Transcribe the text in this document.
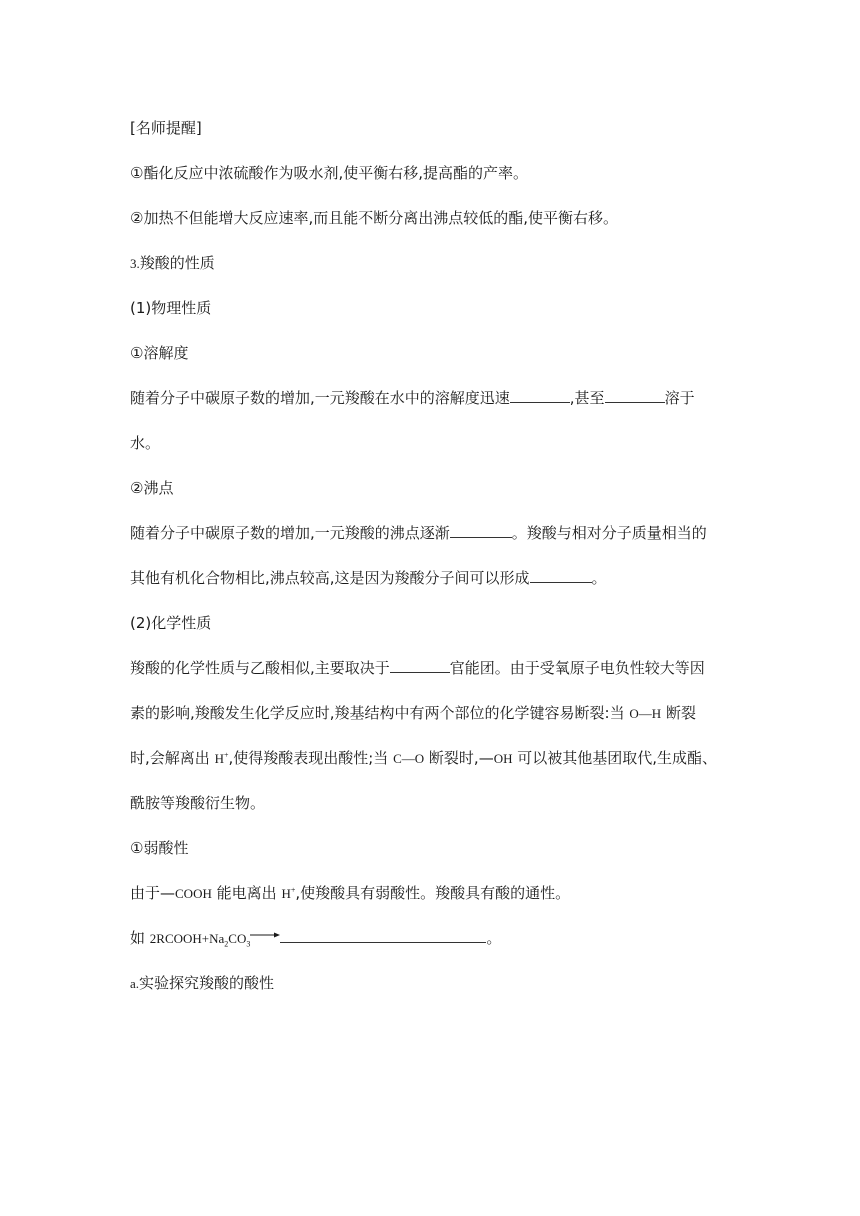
[名师提醒]
①酯化反应中浓硫酸作为吸水剂,使平衡右移,提高酯的产率。
②加热不但能增大反应速率,而且能不断分离出沸点较低的酯,使平衡右移。
3.羧酸的性质
(1)物理性质
①溶解度
随着分子中碳原子数的增加,一元羧酸在水中的溶解度迅速	,甚至	溶于
水。
②沸点
随着分子中碳原子数的增加,一元羧酸的沸点逐渐	。羧酸与相对分子质量相当的
其他有机化合物相比,沸点较高,这是因为羧酸分子间可以形成	。
(2)化学性质
羧酸的化学性质与乙酸相似,主要取决于	官能团。由于受氧原子电负性较大等因
素的影响,羧酸发生化学反应时,羧基结构中有两个部位的化学键容易断裂:当 O—H 断裂
时,会解离出 H+,使得羧酸表现出酸性;当 C—O 断裂时,—OH 可以被其他基团取代,生成酯、
酰胺等羧酸衍生物。
①弱酸性
由于—COOH 能电离出 H+,使羧酸具有弱酸性。羧酸具有酸的通性。
如 $2RCOOH+Na_2CO_3$	。
a.实验探究羧酸的酸性
